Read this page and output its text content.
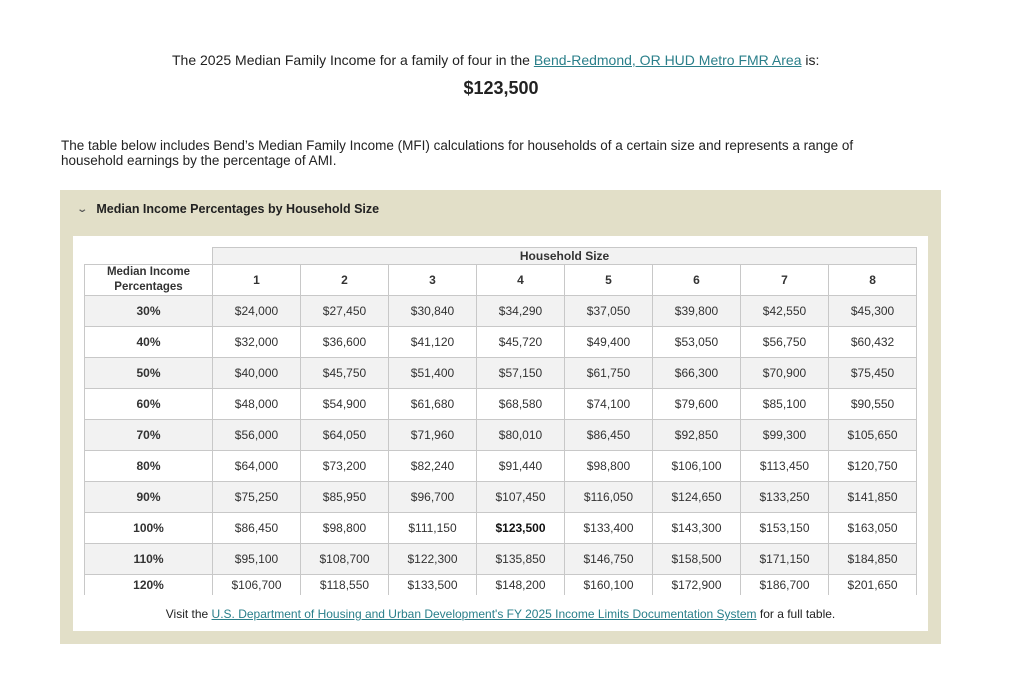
The 2025 Median Family Income for a family of four in the Bend-Redmond, OR HUD Metro FMR Area is:
$123,500
The table below includes Bend’s Median Family Income (MFI) calculations for households of a certain size and represents a range of household earnings by the percentage of AMI.
⌄ Median Income Percentages by Household Size
	Household Size							
Median Income Percentages	1	2	3	4	5	6	7	8
30%	$24,000	$27,450	$30,840	$34,290	$37,050	$39,800	$42,550	$45,300
40%	$32,000	$36,600	$41,120	$45,720	$49,400	$53,050	$56,750	$60,432
50%	$40,000	$45,750	$51,400	$57,150	$61,750	$66,300	$70,900	$75,450
60%	$48,000	$54,900	$61,680	$68,580	$74,100	$79,600	$85,100	$90,550
70%	$56,000	$64,050	$71,960	$80,010	$86,450	$92,850	$99,300	$105,650
80%	$64,000	$73,200	$82,240	$91,440	$98,800	$106,100	$113,450	$120,750
90%	$75,250	$85,950	$96,700	$107,450	$116,050	$124,650	$133,250	$141,850
100%	$86,450	$98,800	$111,150	$123,500	$133,400	$143,300	$153,150	$163,050
110%	$95,100	$108,700	$122,300	$135,850	$146,750	$158,500	$171,150	$184,850
120%	$106,700	$118,550	$133,500	$148,200	$160,100	$172,900	$186,700	$201,650
Visit the U.S. Department of Housing and Urban Development's FY 2025 Income Limits Documentation System for a full table.
